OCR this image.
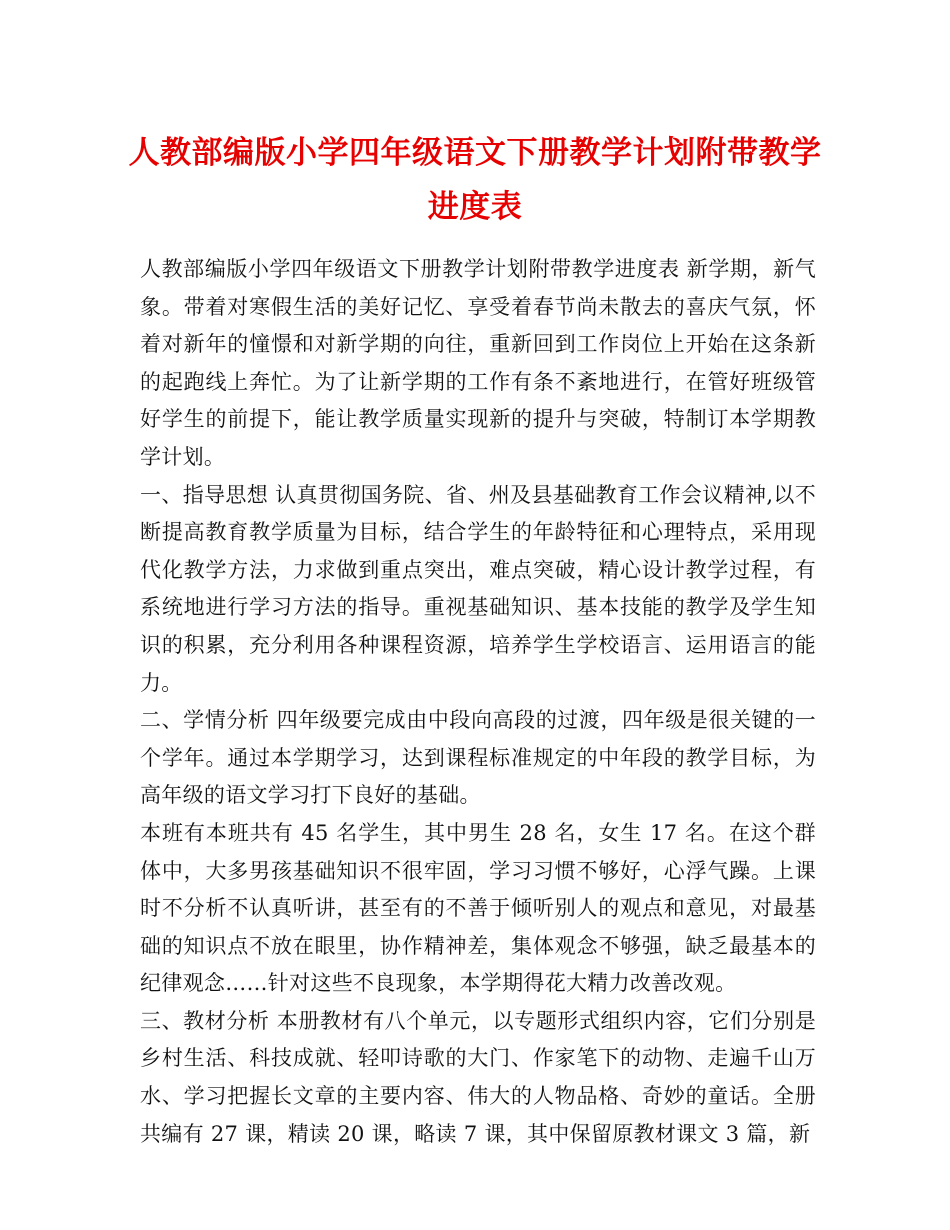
人教部编版小学四年级语文下册教学计划附带教学进度表

人教部编版小学四年级语文下册教学计划附带教学进度表 新学期，新气象。带着对寒假生活的美好记忆、享受着春节尚未散去的喜庆气氛，怀着对新年的憧憬和对新学期的向往，重新回到工作岗位上开始在这条新的起跑线上奔忙。为了让新学期的工作有条不紊地进行，在管好班级管好学生的前提下，能让教学质量实现新的提升与突破，特制订本学期教学计划。

一、指导思想 认真贯彻国务院、省、州及县基础教育工作会议精神,以不断提高教育教学质量为目标，结合学生的年龄特征和心理特点，采用现代化教学方法，力求做到重点突出，难点突破，精心设计教学过程，有系统地进行学习方法的指导。重视基础知识、基本技能的教学及学生知识的积累，充分利用各种课程资源，培养学生学校语言、运用语言的能力。

二、学情分析 四年级要完成由中段向高段的过渡，四年级是很关键的一个学年。通过本学期学习，达到课程标准规定的中年段的教学目标，为高年级的语文学习打下良好的基础。

本班有本班共有 45 名学生，其中男生 28 名，女生 17 名。在这个群体中，大多男孩基础知识不很牢固，学习习惯不够好，心浮气躁。上课时不分析不认真听讲，甚至有的不善于倾听别人的观点和意见，对最基础的知识点不放在眼里，协作精神差，集体观念不够强，缺乏最基本的纪律观念……针对这些不良现象，本学期得花大精力改善改观。

三、教材分析 本册教材有八个单元，以专题形式组织内容，它们分别是乡村生活、科技成就、轻叩诗歌的大门、作家笔下的动物、走遍千山万水、学习把握长文章的主要内容、伟大的人物品格、奇妙的童话。全册共编有 27 课，精读 20 课，略读 7 课，其中保留原教材课文 3 篇，新
